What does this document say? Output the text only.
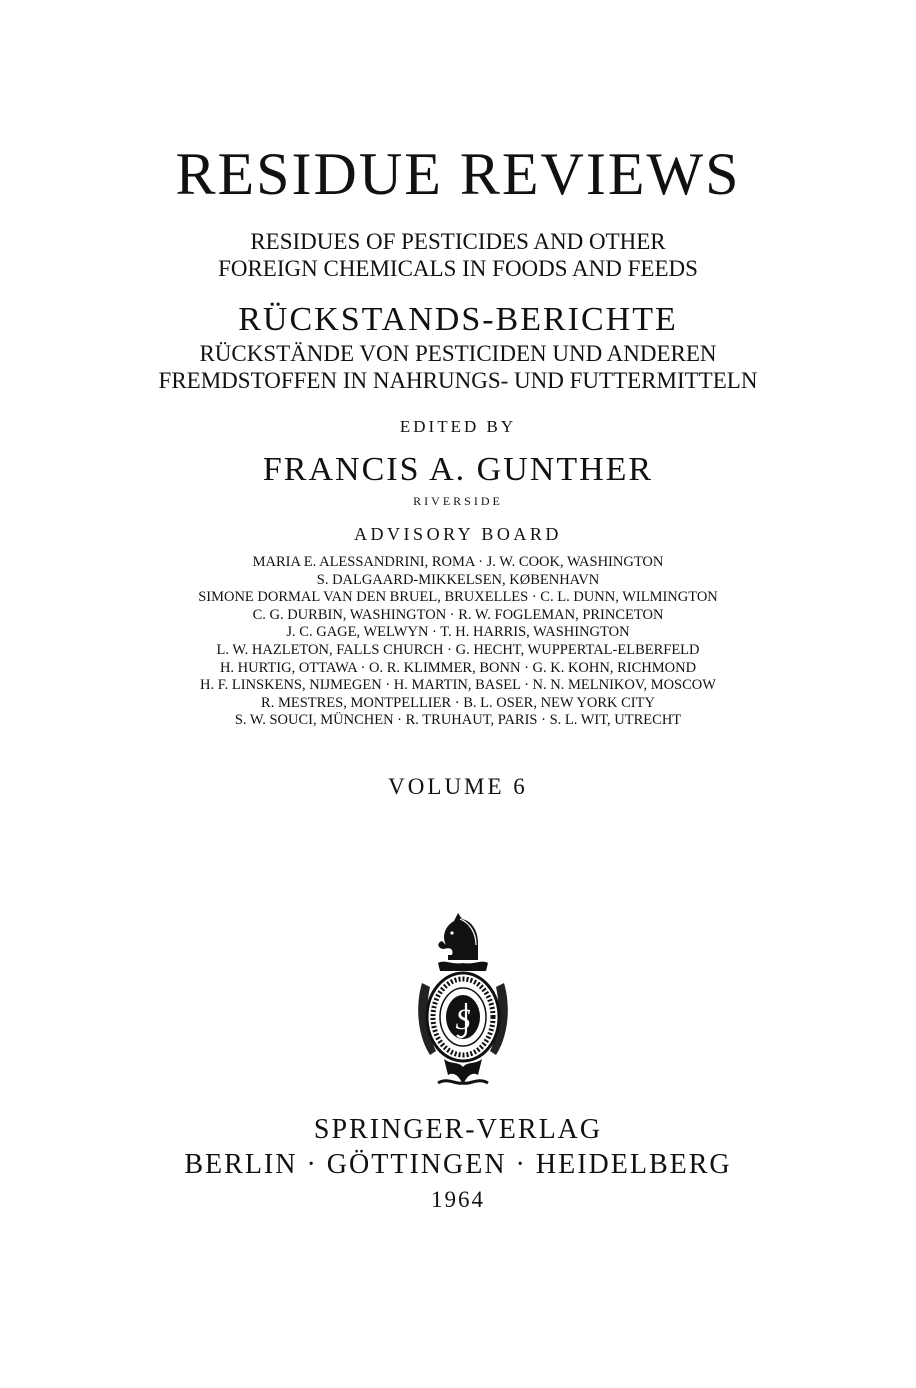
RESIDUE REVIEWS
RESIDUES OF PESTICIDES AND OTHER
FOREIGN CHEMICALS IN FOODS AND FEEDS
RÜCKSTANDS-BERICHTE
RÜCKSTÄNDE VON PESTICIDEN UND ANDEREN
FREMDSTOFFEN IN NAHRUNGS- UND FUTTERMITTELN
EDITED BY
FRANCIS A. GUNTHER
RIVERSIDE
ADVISORY BOARD
MARIA E. ALESSANDRINI, ROMA · J. W. COOK, WASHINGTON
S. DALGAARD-MIKKELSEN, KØBENHAVN
SIMONE DORMAL VAN DEN BRUEL, BRUXELLES · C. L. DUNN, WILMINGTON
C. G. DURBIN, WASHINGTON · R. W. FOGLEMAN, PRINCETON
J. C. GAGE, WELWYN · T. H. HARRIS, WASHINGTON
L. W. HAZLETON, FALLS CHURCH · G. HECHT, WUPPERTAL-ELBERFELD
H. HURTIG, OTTAWA · O. R. KLIMMER, BONN · G. K. KOHN, RICHMOND
H. F. LINSKENS, NIJMEGEN · H. MARTIN, BASEL · N. N. MELNIKOV, MOSCOW
R. MESTRES, MONTPELLIER · B. L. OSER, NEW YORK CITY
S. W. SOUCI, MÜNCHEN · R. TRUHAUT, PARIS · S. L. WIT, UTRECHT
VOLUME 6
S
SPRINGER-VERLAG
BERLIN · GÖTTINGEN · HEIDELBERG
1964
